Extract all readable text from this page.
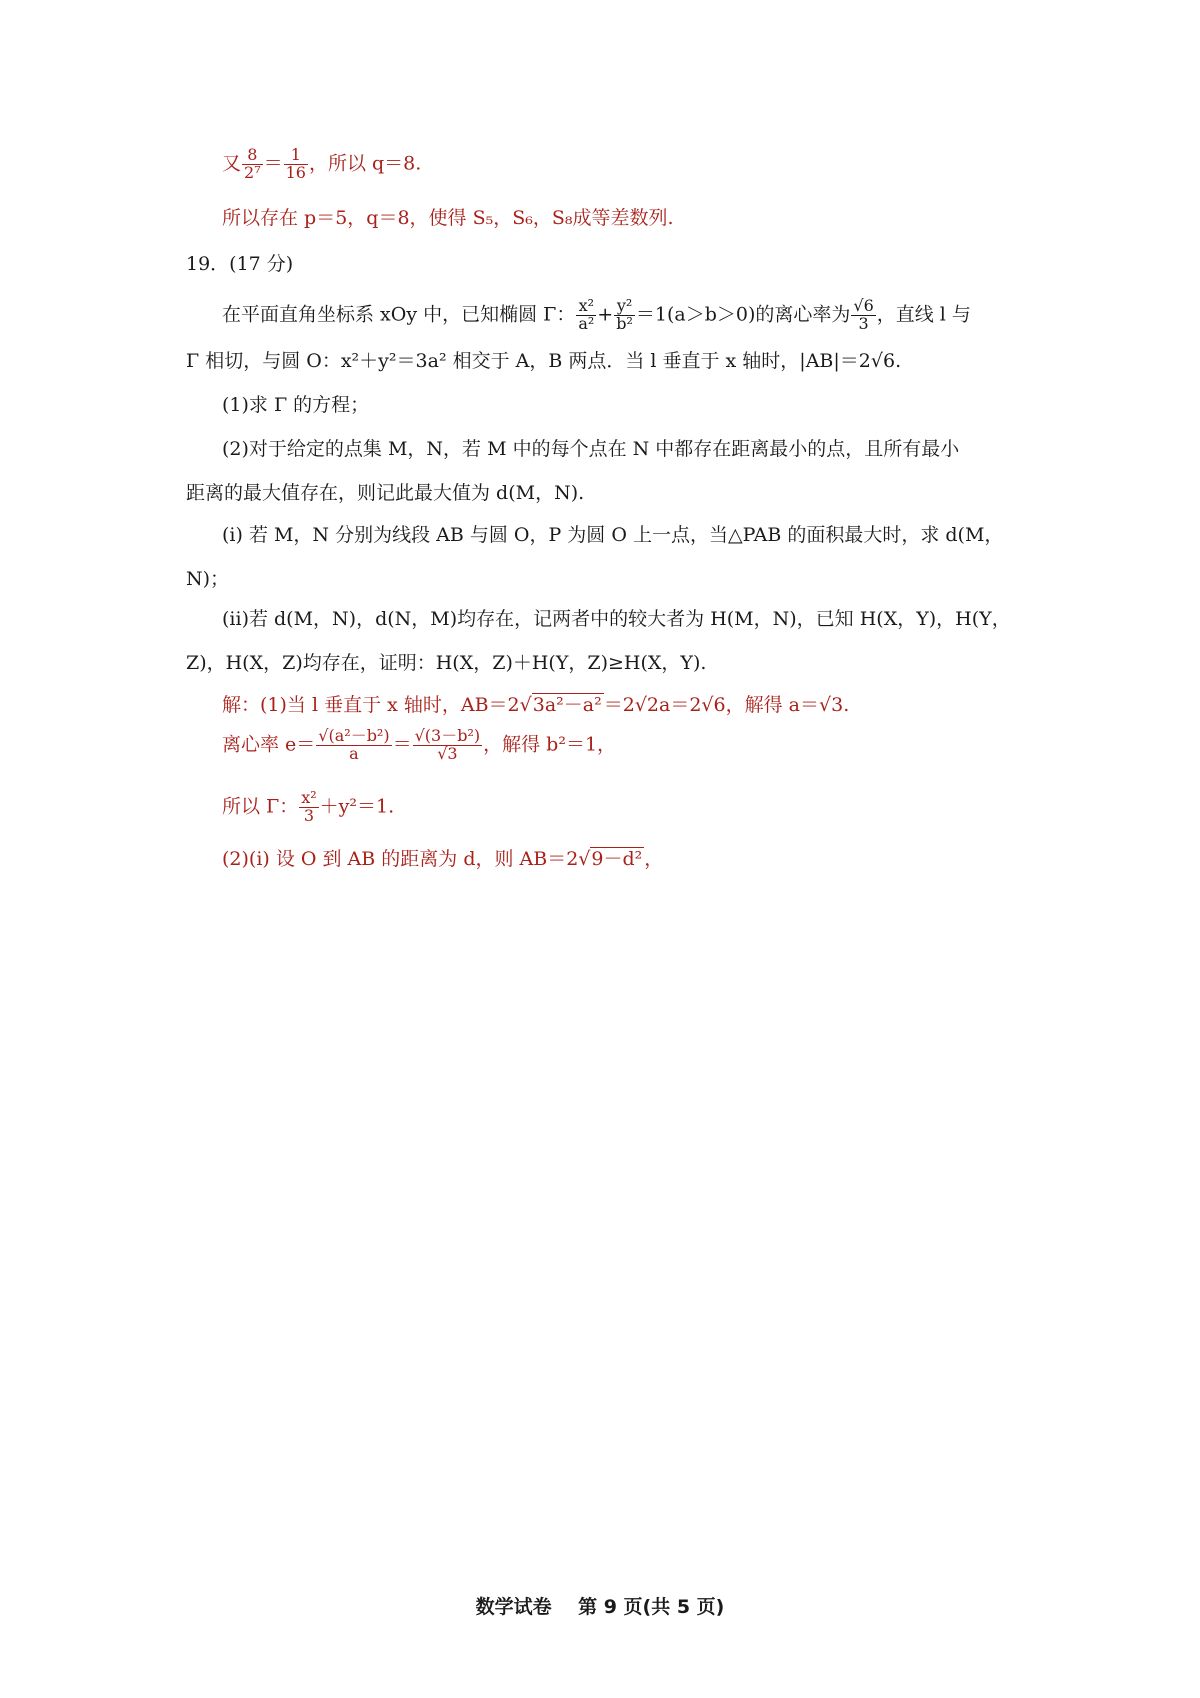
又 $\frac{8}{\text{2⁷}} = \frac{1}{16}$ ，所以 q＝8.
所以存在 p＝5，q＝8，使得 S₅，S₆，S₈成等差数列.
19．(17 分)
在平面直角坐标系 xOy 中，已知椭圆 Γ： $\frac{\text{x²}}{\text{a²}} + \frac{\text{y²}}{\text{b²}} =1(a>b>0)$的离心率为 $\frac{√6}{3}$ ，直线 l 与
Γ 相切，与圆 O：x²＋y²＝3a² 相交于 A，B 两点．当 l 垂直于 x 轴时，|AB|＝2√6.
(1)求 Γ 的方程；
(2)对于给定的点集 M，N，若 M 中的每个点在 N 中都存在距离最小的点，且所有最小
距离的最大值存在，则记此最大值为 d(M，N).
(i) 若 M，N 分别为线段 AB 与圆 O，P 为圆 O 上一点，当△PAB 的面积最大时，求 d(M，
N)；
(ii)若 d(M，N)，d(N，M)均存在，记两者中的较大者为 H(M，N)，已知 H(X，Y)，H(Y，
Z)，H(X，Z)均存在，证明：H(X，Z)＋H(Y，Z)≥H(X，Y).
解：(1)当 l 垂直于 x 轴时，AB＝2√3a²－a² ＝2√2a＝2√6，解得 a＝√3.
离心率 $e= \frac{\text{√(a²－b²)}}{a} = \frac{\text{√(3－b²)}}{√3}$ ，解得 b²＝1，
所以 Γ： $\frac{\text{x²}}{3} +y^2=1$.
(2)(i) 设 O 到 AB 的距离为 d，则 AB＝2√9－d² ，
数学试卷 第 9 页(共 5 页)
